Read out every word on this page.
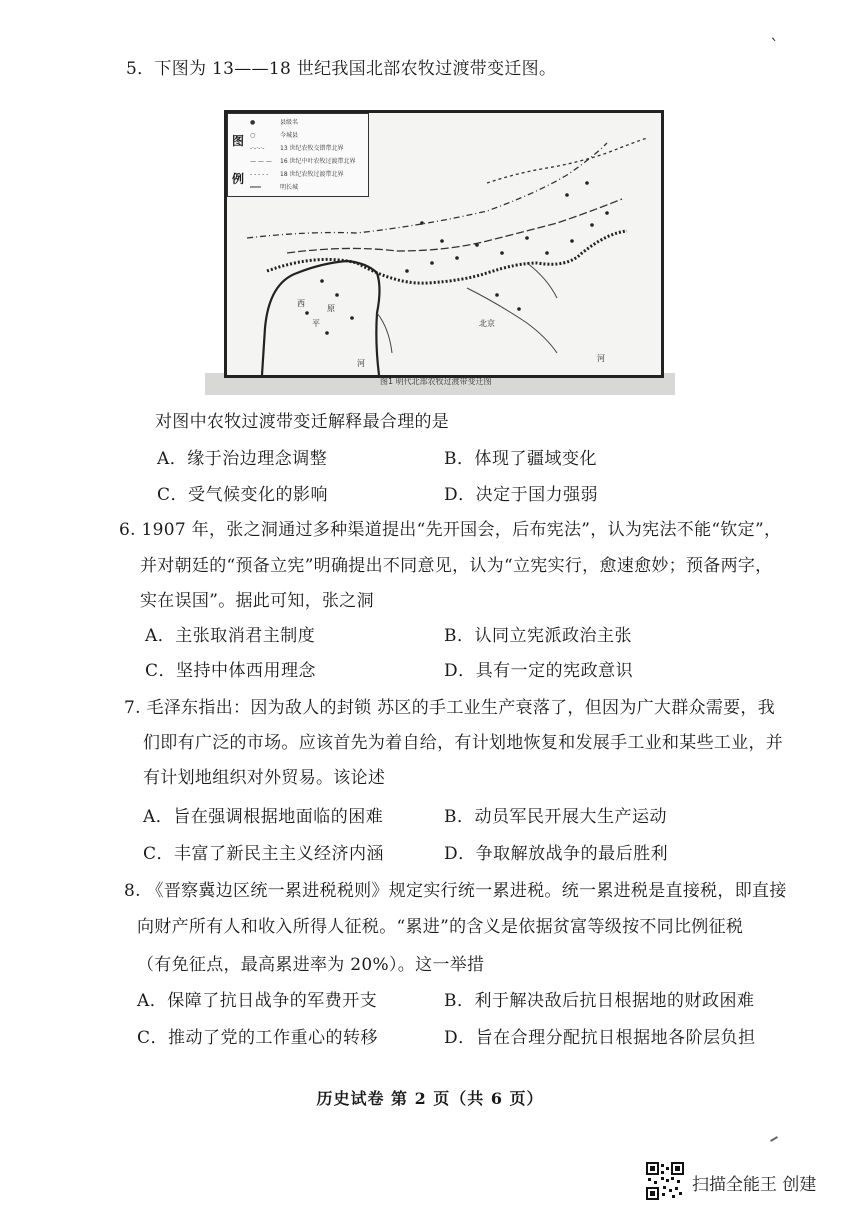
ˋ
5．下图为 13——18 世纪我国北部农牧过渡带变迁图。
北京
河
河
西
平
原
图例
●	县级名
○	今城县
-·-·-·-	13 世纪农牧交错带北界
— — — 16 世纪中叶农牧过渡带北界
- - - - - 18 世纪农牧过渡带北界
━━━	明长城
图1 明代北部农牧过渡带变迁图
对图中农牧过渡带变迁解释最合理的是
A．缘于治边理念调整	B．体现了疆域变化
C．受气候变化的影响	D．决定于国力强弱
6. 1907 年，张之洞通过多种渠道提出“先开国会，后布宪法”，认为宪法不能“钦定”，
并对朝廷的“预备立宪”明确提出不同意见，认为“立宪实行，愈速愈妙；预备两字，
实在误国”。据此可知，张之洞
A．主张取消君主制度	B．认同立宪派政治主张
C．坚持中体西用理念	D．具有一定的宪政意识
7. 毛泽东指出：因为敌人的封锁 苏区的手工业生产衰落了，但因为广大群众需要，我
们即有广泛的市场。应该首先为着自给，有计划地恢复和发展手工业和某些工业，并
有计划地组织对外贸易。该论述
A．旨在强调根据地面临的困难	B．动员军民开展大生产运动
C．丰富了新民主主义经济内涵	D．争取解放战争的最后胜利
8. 《晋察冀边区统一累进税税则》规定实行统一累进税。统一累进税是直接税，即直接
向财产所有人和收入所得人征税。“累进”的含义是依据贫富等级按不同比例征税
（有免征点，最高累进率为 20%）。这一举措
A．保障了抗日战争的军费开支	B．利于解决敌后抗日根据地的财政困难
C．推动了党的工作重心的转移	D．旨在合理分配抗日根据地各阶层负担
历史试卷 第 2 页（共 6 页）
扫描全能王 创建
